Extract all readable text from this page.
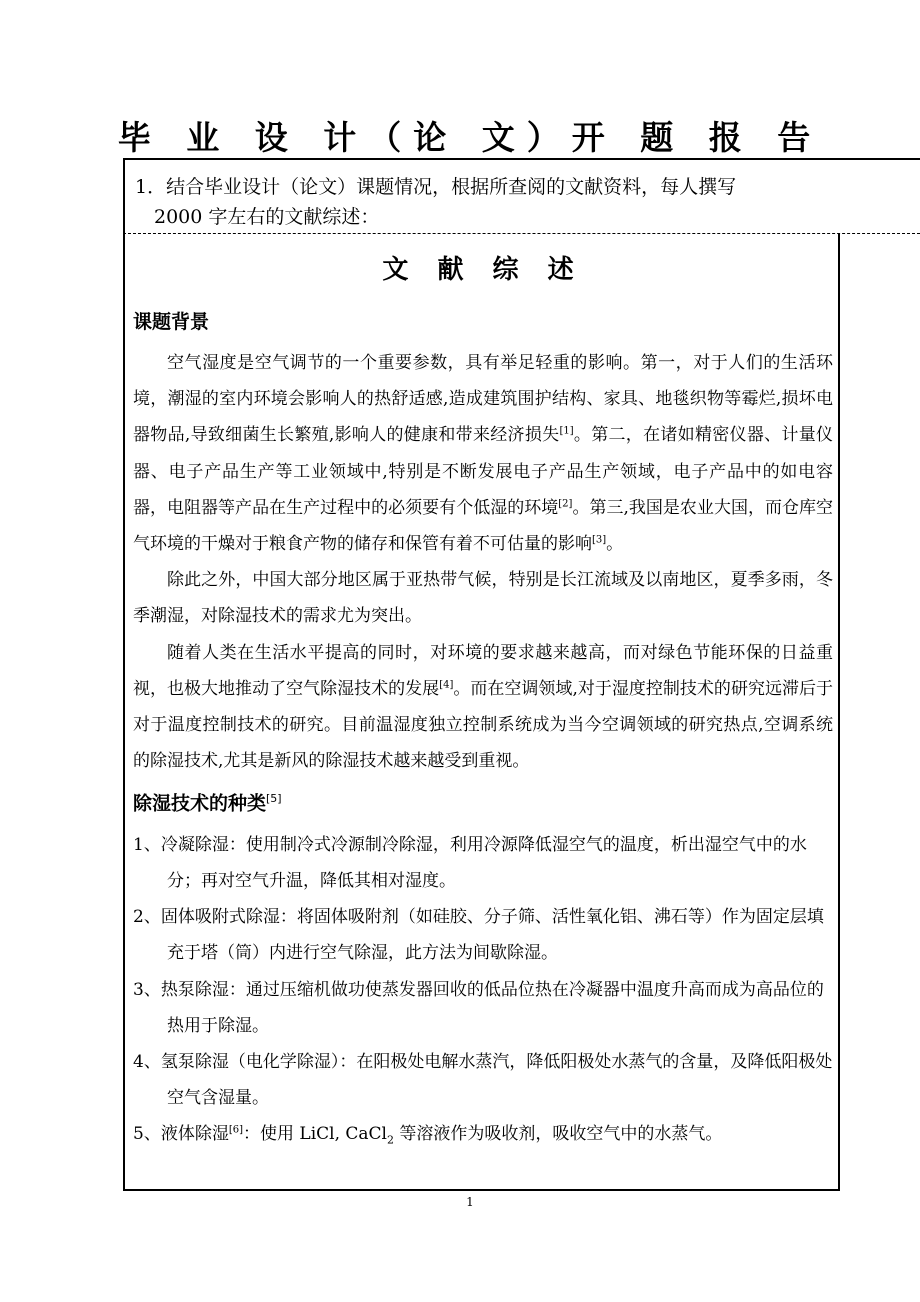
毕 业 设 计（论 文）开 题 报 告
1．结合毕业设计（论文）课题情况，根据所查阅的文献资料，每人撰写
2000 字左右的文献综述：
文 献 综 述
课题背景

空气湿度是空气调节的一个重要参数，具有举足轻重的影响。第一，对于人们的生活环境，潮湿的室内环境会影响人的热舒适感,造成建筑围护结构、家具、地毯织物等霉烂,损坏电器物品,导致细菌生长繁殖,影响人的健康和带来经济损失[1]。第二，在诸如精密仪器、计量仪器、电子产品生产等工业领域中,特别是不断发展电子产品生产领域，电子产品中的如电容器，电阻器等产品在生产过程中的必须要有个低湿的环境[2]。第三,我国是农业大国，而仓库空气环境的干燥对于粮食产物的储存和保管有着不可估量的影响[3]。

除此之外，中国大部分地区属于亚热带气候，特别是长江流域及以南地区，夏季多雨，冬季潮湿，对除湿技术的需求尤为突出。

随着人类在生活水平提高的同时，对环境的要求越来越高，而对绿色节能环保的日益重视，也极大地推动了空气除湿技术的发展[4]。而在空调领域,对于湿度控制技术的研究远滞后于对于温度控制技术的研究。目前温湿度独立控制系统成为当今空调领域的研究热点,空调系统的除湿技术,尤其是新风的除湿技术越来越受到重视。

除湿技术的种类[5]

1、冷凝除湿：使用制冷式冷源制冷除湿，利用冷源降低湿空气的温度，析出湿空气中的水分；再对空气升温，降低其相对湿度。

2、固体吸附式除湿：将固体吸附剂（如硅胶、分子筛、活性氧化铝、沸石等）作为固定层填充于塔（筒）内进行空气除湿，此方法为间歇除湿。

3、热泵除湿：通过压缩机做功使蒸发器回收的低品位热在冷凝器中温度升高而成为高品位的热用于除湿。

4、氢泵除湿（电化学除湿）：在阳极处电解水蒸汽，降低阳极处水蒸气的含量，及降低阳极处空气含湿量。

5、液体除湿[6]：使用 LiCl, CaCl$_2$ 等溶液作为吸收剂，吸收空气中的水蒸气。

1
